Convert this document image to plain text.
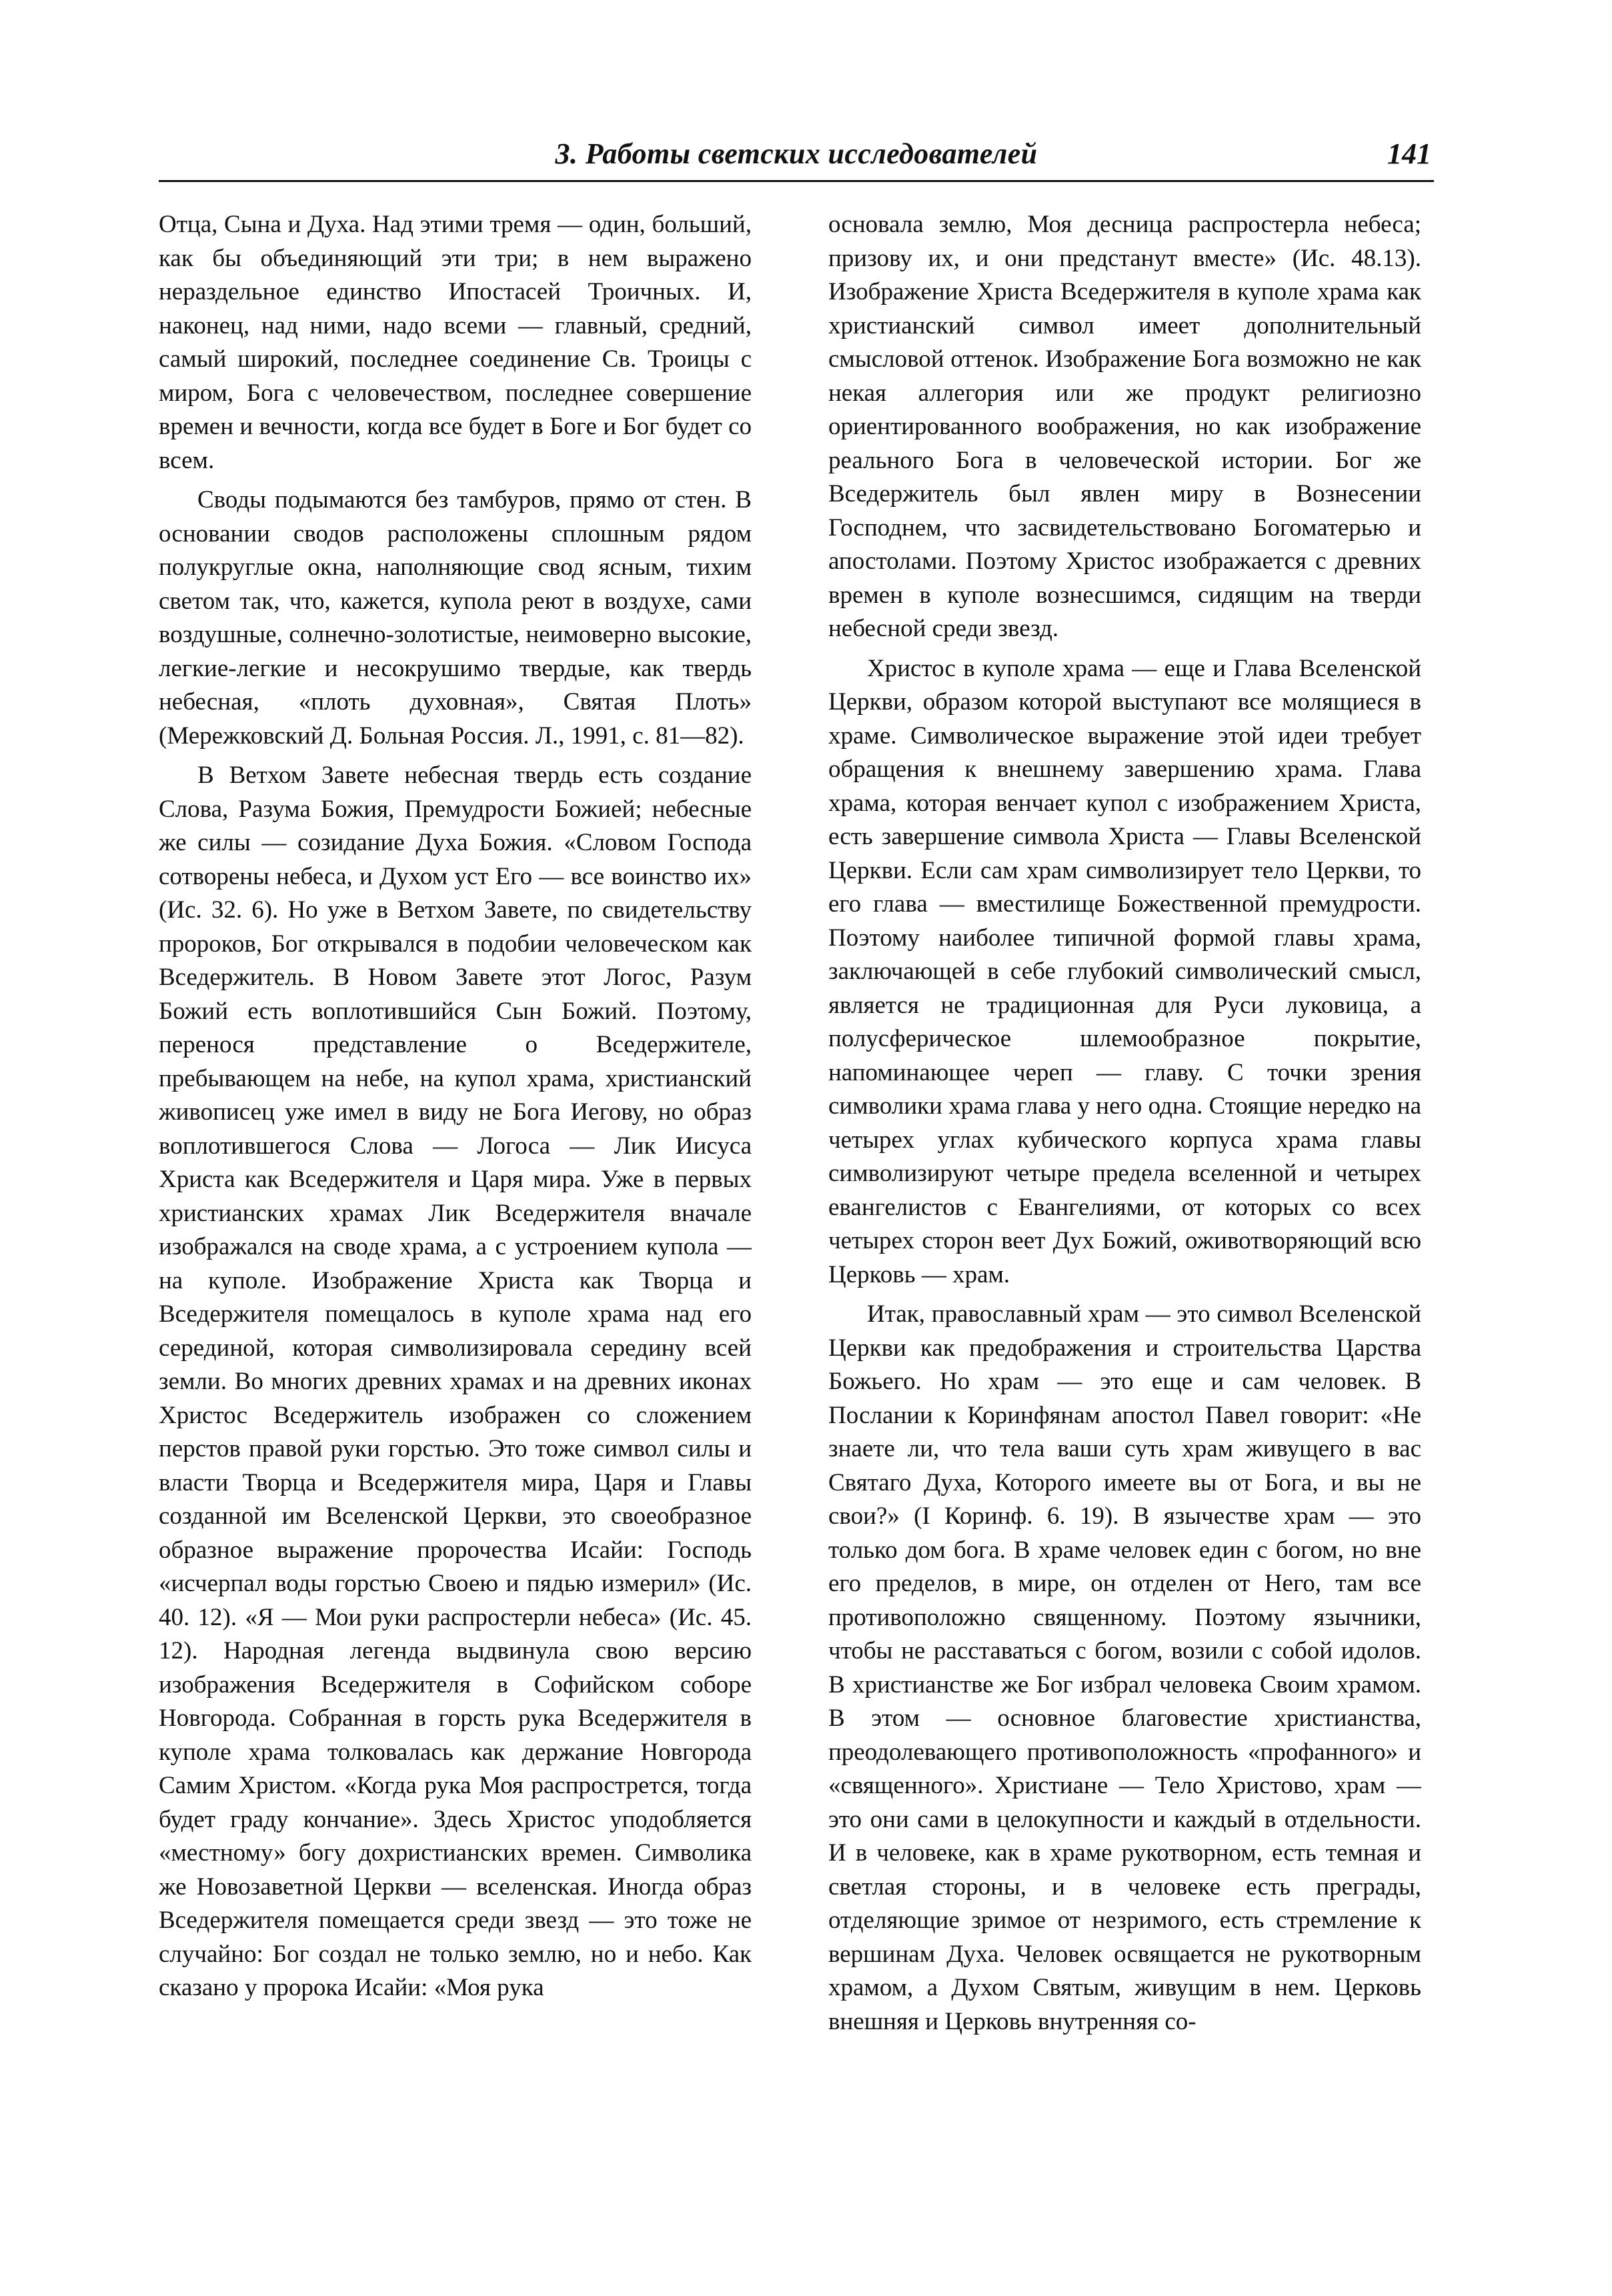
3. Работы светских исследователей	141

Отца, Сына и Духа. Над этими тремя — один, больший, как бы объединяющий эти три; в нем выражено нераздельное единство Ипостасей Троичных. И, наконец, над ними, надо всеми — главный, средний, самый широкий, последнее соединение Св. Троицы с миром, Бога с человечеством, последнее совершение времен и вечности, когда все будет в Боге и Бог будет со всем.

Своды подымаются без тамбуров, прямо от стен. В основании сводов расположены сплошным рядом полукруглые окна, наполняющие свод ясным, тихим светом так, что, кажется, купола реют в воздухе, сами воздушные, солнечно-золотистые, неимоверно высокие, легкие-легкие и несокрушимо твердые, как твердь небесная, «плоть духовная», Святая Плоть» (Мережковский Д. Больная Россия. Л., 1991, с. 81—82).

В Ветхом Завете небесная твердь есть создание Слова, Разума Божия, Премудрости Божией; небесные же силы — созидание Духа Божия. «Словом Господа сотворены небеса, и Духом уст Его — все воинство их» (Ис. 32. 6). Но уже в Ветхом Завете, по свидетельству пророков, Бог открывался в подобии человеческом как Вседержитель. В Новом Завете этот Логос, Разум Божий есть воплотившийся Сын Божий. Поэтому, перенося представление о Вседержителе, пребывающем на небе, на купол храма, христианский живописец уже имел в виду не Бога Иегову, но образ воплотившегося Слова — Логоса — Лик Иисуса Христа как Вседержителя и Царя мира. Уже в первых христианских храмах Лик Вседержителя вначале изображался на своде храма, а с устроением купола — на куполе. Изображение Христа как Творца и Вседержителя помещалось в куполе храма над его серединой, которая символизировала середину всей земли. Во многих древних храмах и на древних иконах Христос Вседержитель изображен со сложением перстов правой руки горстью. Это тоже символ силы и власти Творца и Вседержителя мира, Царя и Главы созданной им Вселенской Церкви, это своеобразное образное выражение пророчества Исайи: Господь «исчерпал воды горстью Своею и пядью измерил» (Ис. 40. 12). «Я — Мои руки распростерли небеса» (Ис. 45. 12). Народная легенда выдвинула свою версию изображения Вседержителя в Софийском соборе Новгорода. Собранная в горсть рука Вседержителя в куполе храма толковалась как держание Новгорода Самим Христом. «Когда рука Моя распрострется, тогда будет граду кончание». Здесь Христос уподобляется «местному» богу дохристианских времен. Символика же Новозаветной Церкви — вселенская. Иногда образ Вседержителя помещается среди звезд — это тоже не случайно: Бог создал не только землю, но и небо. Как сказано у пророка Исайи: «Моя рука

основала землю, Моя десница распростерла небеса; призову их, и они предстанут вместе» (Ис. 48.13). Изображение Христа Вседержителя в куполе храма как христианский символ имеет дополнительный смысловой оттенок. Изображение Бога возможно не как некая аллегория или же продукт религиозно ориентированного воображения, но как изображение реального Бога в человеческой истории. Бог же Вседержитель был явлен миру в Вознесении Господнем, что засвидетельствовано Богоматерью и апостолами. Поэтому Христос изображается с древних времен в куполе вознесшимся, сидящим на тверди небесной среди звезд.

Христос в куполе храма — еще и Глава Вселенской Церкви, образом которой выступают все молящиеся в храме. Символическое выражение этой идеи требует обращения к внешнему завершению храма. Глава храма, которая венчает купол с изображением Христа, есть завершение символа Христа — Главы Вселенской Церкви. Если сам храм символизирует тело Церкви, то его глава — вместилище Божественной премудрости. Поэтому наиболее типичной формой главы храма, заключающей в себе глубокий символический смысл, является не традиционная для Руси луковица, а полусферическое шлемообразное покрытие, напоминающее череп — главу. С точки зрения символики храма глава у него одна. Стоящие нередко на четырех углах кубического корпуса храма главы символизируют четыре предела вселенной и четырех евангелистов с Евангелиями, от которых со всех четырех сторон веет Дух Божий, оживотворяющий всю Церковь — храм.

Итак, православный храм — это символ Вселенской Церкви как предображения и строительства Царства Божьего. Но храм — это еще и сам человек. В Послании к Коринфянам апостол Павел говорит: «Не знаете ли, что тела ваши суть храм живущего в вас Святаго Духа, Которого имеете вы от Бога, и вы не свои?» (I Коринф. 6. 19). В язычестве храм — это только дом бога. В храме человек един с богом, но вне его пределов, в мире, он отделен от Него, там все противоположно священному. Поэтому язычники, чтобы не расставаться с богом, возили с собой идолов. В христианстве же Бог избрал человека Своим храмом. В этом — основное благовестие христианства, преодолевающего противоположность «профанного» и «священного». Христиане — Тело Христово, храм — это они сами в целокупности и каждый в отдельности. И в человеке, как в храме рукотворном, есть темная и светлая стороны, и в человеке есть преграды, отделяющие зримое от незримого, есть стремление к вершинам Духа. Человек освящается не рукотворным храмом, а Духом Святым, живущим в нем. Церковь внешняя и Церковь внутренняя со-
